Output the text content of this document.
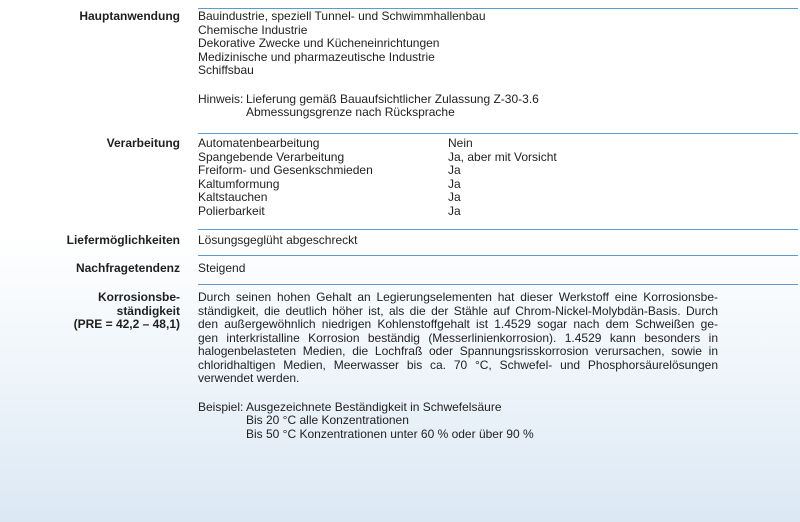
Hauptanwendung Bauindustrie, speziell Tunnel- und Schwimmhallenbau
Chemische Industrie
Dekorative Zwecke und Kücheneinrichtungen
Medizinische und pharmazeutische Industrie
Schiffsbau
Hinweis: Lieferung gemäß Bauaufsichtlicher Zulassung Z-30-3.6
Abmessungsgrenze nach Rücksprache
Verarbeitung Automatenbearbeitung	Nein
Spangebende Verarbeitung	Ja, aber mit Vorsicht
Freiform- und Gesenkschmieden	Ja
Kaltumformung	Ja
Kaltstauchen	Ja
Polierbarkeit	Ja
Liefermöglichkeiten Lösungsgeglüht abgeschreckt
Nachfragetendenz Steigend
Korrosionsbe-
ständigkeit
(PRE = 42,2 – 48,1)
Durch seinen hohen Gehalt an Legierungselementen hat dieser Werkstoff eine Korrosionsbe-
ständigkeit, die deutlich höher ist, als die der Stähle auf Chrom-Nickel-Molybdän-Basis. Durch
den außergewöhnlich niedrigen Kohlenstoffgehalt ist 1.4529 sogar nach dem Schweißen ge-
gen interkristalline Korrosion beständig (Messerlinienkorrosion). 1.4529 kann besonders in
halogenbelasteten Medien, die Lochfraß oder Spannungsrisskorrosion verursachen, sowie in
chloridhaltigen Medien, Meerwasser bis ca. 70 °C, Schwefel- und Phosphorsäurelösungen
verwendet werden.
Beispiel: Ausgezeichnete Beständigkeit in Schwefelsäure
Bis 20 °C alle Konzentrationen
Bis 50 °C Konzentrationen unter 60 % oder über 90 %
